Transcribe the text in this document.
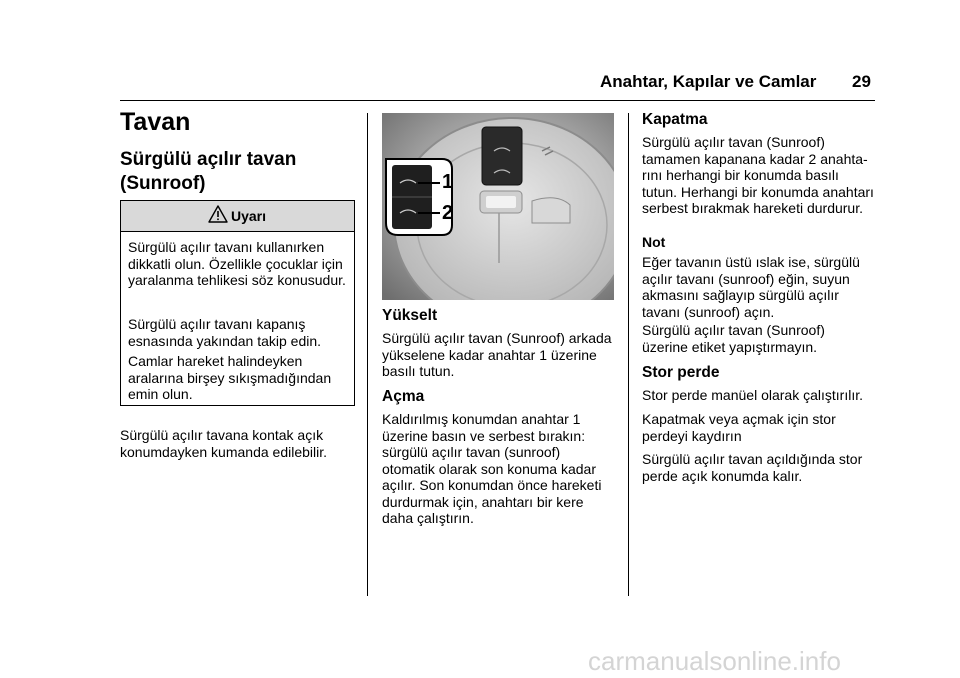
Anahtar, Kapılar ve Camlar 29
Tavan
Sürgülü açılır tavan (Sunroof)
Uyarı

Sürgülü açılır tavanı kullanırken dikkatli olun. Özellikle çocuklar için yaralanma tehlikesi söz konusudur.

Sürgülü açılır tavanı kapanış esnasında yakından takip edin.

Camlar hareket halindeyken aralarına birşey sıkışmadığından emin olun.

Sürgülü açılır tavana kontak açık konumdayken kumanda edilebilir.

1
2
Yükselt

Sürgülü açılır tavan (Sunroof) arkada yükselene kadar anahtar 1 üzerine basılı tutun.

Açma

Kaldırılmış konumdan anahtar 1 üzerine basın ve serbest bırakın: sürgülü açılır tavan (sunroof) otomatik olarak son konuma kadar açılır. Son konumdan önce hareketi durdurmak için, anahtarı bir kere daha çalıştırın.

Kapatma

Sürgülü açılır tavan (Sunroof) tamamen kapanana kadar 2 anahta-rını herhangi bir konumda basılı tutun. Herhangi bir konumda anahtarı serbest bırakmak hareketi durdurur.

Not

Eğer tavanın üstü ıslak ise, sürgülü açılır tavanı (sunroof) eğin, suyun akmasını sağlayıp sürgülü açılır tavanı (sunroof) açın.

Sürgülü açılır tavan (Sunroof) üzerine etiket yapıştırmayın.

Stor perde

Stor perde manüel olarak çalıştırılır.

Kapatmak veya açmak için stor perdeyi kaydırın

Sürgülü açılır tavan açıldığında stor perde açık konumda kalır.

carmanualsonline.info
